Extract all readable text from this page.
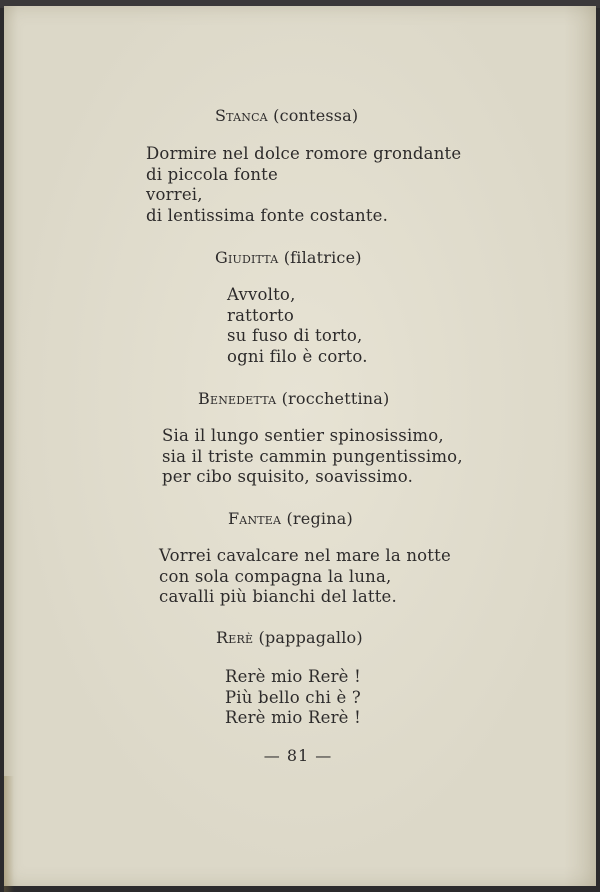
Stanca (contessa)
Dormire nel dolce romore grondante
di piccola fonte
vorrei,
di lentissima fonte costante.
Giuditta (filatrice)
Avvolto,
rattorto
su fuso di torto,
ogni filo è corto.
Benedetta (rocchettina)
Sia il lungo sentier spinosissimo,
sia il triste cammin pungentissimo,
per cibo squisito, soavissimo.
Fantea (regina)
Vorrei cavalcare nel mare la notte
con sola compagna la luna,
cavalli più bianchi del latte.
Rerè (pappagallo)
Rerè mio Rerè !
Più bello chi è ?
Rerè mio Rerè !
— 81 —
